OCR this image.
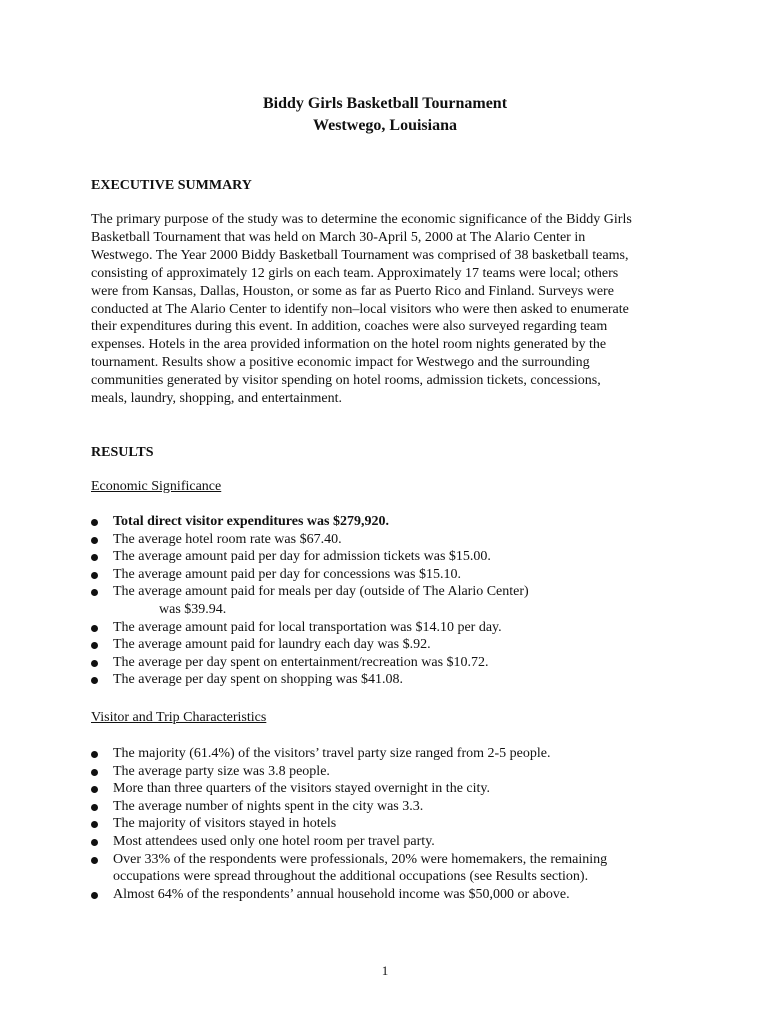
Biddy Girls Basketball Tournament
Westwego, Louisiana
EXECUTIVE SUMMARY

The primary purpose of the study was to determine the economic significance of the Biddy Girls
Basketball Tournament that was held on March 30-April 5, 2000 at The Alario Center in
Westwego. The Year 2000 Biddy Basketball Tournament was comprised of 38 basketball teams,
consisting of approximately 12 girls on each team. Approximately 17 teams were local; others
were from Kansas, Dallas, Houston, or some as far as Puerto Rico and Finland. Surveys were
conducted at The Alario Center to identify non–local visitors who were then asked to enumerate
their expenditures during this event. In addition, coaches were also surveyed regarding team
expenses. Hotels in the area provided information on the hotel room nights generated by the
tournament. Results show a positive economic impact for Westwego and the surrounding
communities generated by visitor spending on hotel rooms, admission tickets, concessions,
meals, laundry, shopping, and entertainment.

RESULTS
Economic Significance
Total direct visitor expenditures was $279,920.
The average hotel room rate was $67.40.
The average amount paid per day for admission tickets was $15.00.
The average amount paid per day for concessions was $15.10.
The average amount paid for meals per day (outside of The Alario Center)
was $39.94.
The average amount paid for local transportation was $14.10 per day.
The average amount paid for laundry each day was $.92.
The average per day spent on entertainment/recreation was $10.72.
The average per day spent on shopping was $41.08.
Visitor and Trip Characteristics
The majority (61.4%) of the visitors’ travel party size ranged from 2-5 people.
The average party size was 3.8 people.
More than three quarters of the visitors stayed overnight in the city.
The average number of nights spent in the city was 3.3.
The majority of visitors stayed in hotels
Most attendees used only one hotel room per travel party.
Over 33% of the respondents were professionals, 20% were homemakers, the remaining
occupations were spread throughout the additional occupations (see Results section).
Almost 64% of the respondents’ annual household income was $50,000 or above.
1
